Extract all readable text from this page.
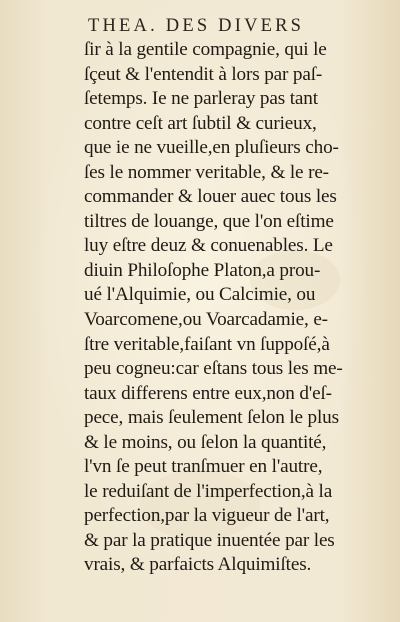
THEA. DES DIVERS
ſir à la gentile compagnie, qui le
ſçeut & l'entendit à lors par paſ-
ſetemps. Ie ne parleray pas tant
contre ceſt art ſubtil & curieux,
que ie ne vueille,en pluſieurs cho-
ſes le nommer veritable, & le re-
commander & louer auec tous les
tiltres de louange, que l'on eſtime
luy eſtre deuz & conuenables. Le
diuin Philoſophe Platon,a prou-
ué l'Alquimie, ou Calcimie, ou
Voarcomene,ou Voarcadamie, e-
ſtre veritable,faiſant vn ſuppoſé,à
peu cogneu:car eſtans tous les me-
taux differens entre eux,non d'eſ-
pece, mais ſeulement ſelon le plus
& le moins, ou ſelon la quantité,
l'vn ſe peut tranſmuer en l'autre,
le reduiſant de l'imperfection,à la
perfection,par la vigueur de l'art,
& par la pratique inuentée par les
vrais, & parfaicts Alquimiſtes.
